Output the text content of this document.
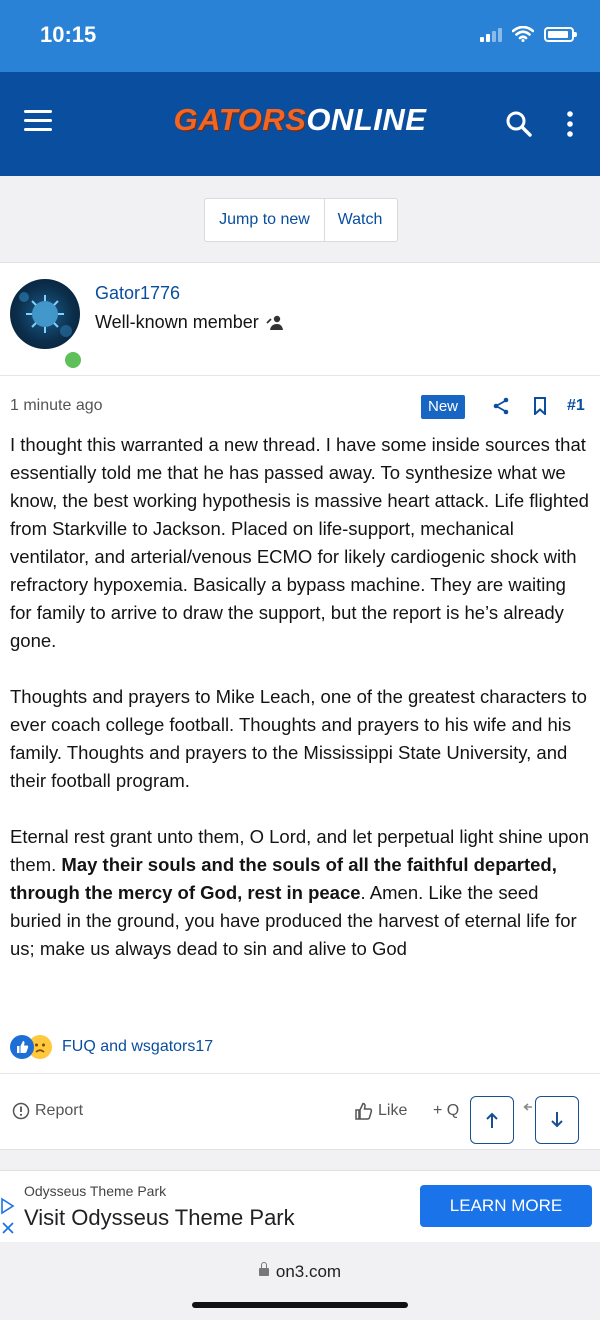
10:15
GATORSONLINE
Jump to new	Watch
Gator1776
Well-known member
1 minute ago	New	#1

I thought this warranted a new thread. I have some inside sources that essentially told me that he has passed away. To synthesize what we know, the best working hypothesis is massive heart attack. Life flighted from Starkville to Jackson. Placed on life-support, mechanical ventilator, and arterial/venous ECMO for likely cardiogenic shock with refractory hypoxemia. Basically a bypass machine. They are waiting for family to arrive to draw the support, but the report is he’s already gone.

Thoughts and prayers to Mike Leach, one of the greatest characters to ever coach college football. Thoughts and prayers to his wife and his family. Thoughts and prayers to the Mississippi State University, and their football program.

Eternal rest grant unto them, O Lord, and let perpetual light shine upon them. May their souls and the souls of all the faithful departed, through the mercy of God, rest in peace. Amen. Like the seed buried in the ground, you have produced the harvest of eternal life for us; make us always dead to sin and alive to God

FUQ and wsgators17
Report	Like + Q
Odysseus Theme Park
Visit Odysseus Theme Park	LEARN MORE
on3.com
